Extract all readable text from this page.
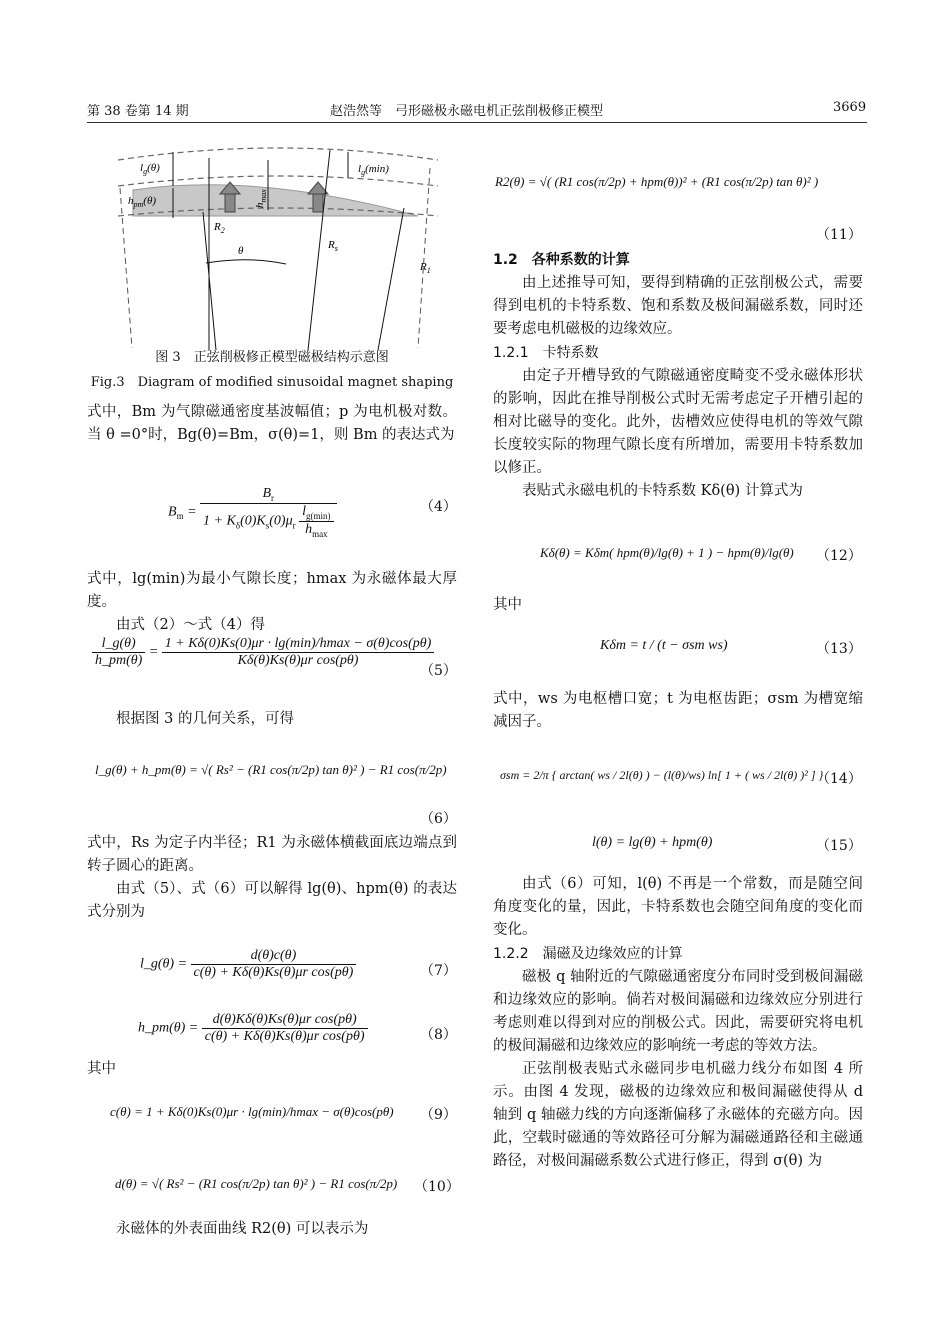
第 38 卷第 14 期	赵浩然等　弓形磁极永磁电机正弦削极修正模型	3669
$l_g(\theta)$
$h_{pm}(\theta)$
$l_g(\min)$
$h_{max}$
$R_2$
$R_s$
$R_1$
θ
图 3　正弦削极修正模型磁极结构示意图
Fig.3　Diagram of modified sinusoidal magnet shaping

式中，Bm 为气隙磁通密度基波幅值；p 为电机极对数。当 θ =0°时，Bg(θ)=Bm，σ(θ)=1，则 Bm 的表达式为

$B_m = \frac{B_r}{1 + K_\delta(0)K_s(0)\mu_r \frac{l_{g(min)}}{h_{max}}}$	（4）

式中，lg(min)为最小气隙长度；hmax 为永磁体最大厚度。

由式（2）～式（4）得

$\frac{l\_g(\theta)}{h\_pm(\theta)} = \frac{1 + K\delta(0)Ks(0)\mu r \cdot \lg(\min)/hmax - \sigma(\theta)\cos(p\theta)}{\text{Kδ(θ)Ks(θ)μr cos(pθ)}}$
（5）

根据图 3 的几何关系，可得

l_g(θ) + h_pm(θ) = √( Rs² − (R1 cos(π/2p) tan θ)² ) − R1 cos(π/2p)
（6）

式中，Rs 为定子内半径；R1 为永磁体横截面底边端点到转子圆心的距离。

由式（5）、式（6）可以解得 lg(θ)、hpm(θ) 的表达式分别为

l_g(θ) = $\frac{d(\theta)c(\theta)}{\text{c(θ) + Kδ(θ)Ks(θ)μr cos(pθ)}}$	（7）
h_pm(θ) = $\frac{\text{d(θ)Kδ(θ)Ks(θ)μr cos(pθ)}}{\text{c(θ) + Kδ(θ)Ks(θ)μr cos(pθ)}}$	（8）

其中

c(θ) = 1 + Kδ(0)Ks(0)μr · lg(min)/hmax − σ(θ)cos(pθ) （9）
d(θ) = √( Rs² − (R1 cos(π/2p) tan θ)² ) − R1 cos(π/2p) （10）

永磁体的外表面曲线 R2(θ) 可以表示为

R2(θ) = √( (R1 cos(π/2p) + hpm(θ))² + (R1 cos(π/2p) tan θ)² )
（11）

1.2　各种系数的计算

由上述推导可知，要得到精确的正弦削极公式，需要得到电机的卡特系数、饱和系数及极间漏磁系数，同时还要考虑电机磁极的边缘效应。

1.2.1　卡特系数

由定子开槽导致的气隙磁通密度畸变不受永磁体形状的影响，因此在推导削极公式时无需考虑定子开槽引起的相对比磁导的变化。此外，齿槽效应使得电机的等效气隙长度较实际的物理气隙长度有所增加，需要用卡特系数加以修正。

表贴式永磁电机的卡特系数 Kδ(θ) 计算式为

Kδ(θ) = Kδm( hpm(θ)/lg(θ) + 1 ) − hpm(θ)/lg(θ) （12）

其中

Kδm = t / (t − σsm ws)	（13）

式中，ws 为电枢槽口宽；t 为电枢齿距；σsm 为槽宽缩减因子。

σsm = 2/π { arctan( ws / 2l(θ) ) − (l(θ)/ws) ln[ 1 + ( ws / 2l(θ) )² ] }
（14）
l(θ) = lg(θ) + hpm(θ)	（15）

由式（6）可知，l(θ) 不再是一个常数，而是随空间角度变化的量，因此，卡特系数也会随空间角度的变化而变化。

1.2.2　漏磁及边缘效应的计算

磁极 q 轴附近的气隙磁通密度分布同时受到极间漏磁和边缘效应的影响。倘若对极间漏磁和边缘效应分别进行考虑则难以得到对应的削极公式。因此，需要研究将电机的极间漏磁和边缘效应的影响统一考虑的等效方法。

正弦削极表贴式永磁同步电机磁力线分布如图 4 所示。由图 4 发现，磁极的边缘效应和极间漏磁使得从 d 轴到 q 轴磁力线的方向逐渐偏移了永磁体的充磁方向。因此，空载时磁通的等效路径可分解为漏磁通路径和主磁通路径，对极间漏磁系数公式进行修正，得到 σ(θ) 为
